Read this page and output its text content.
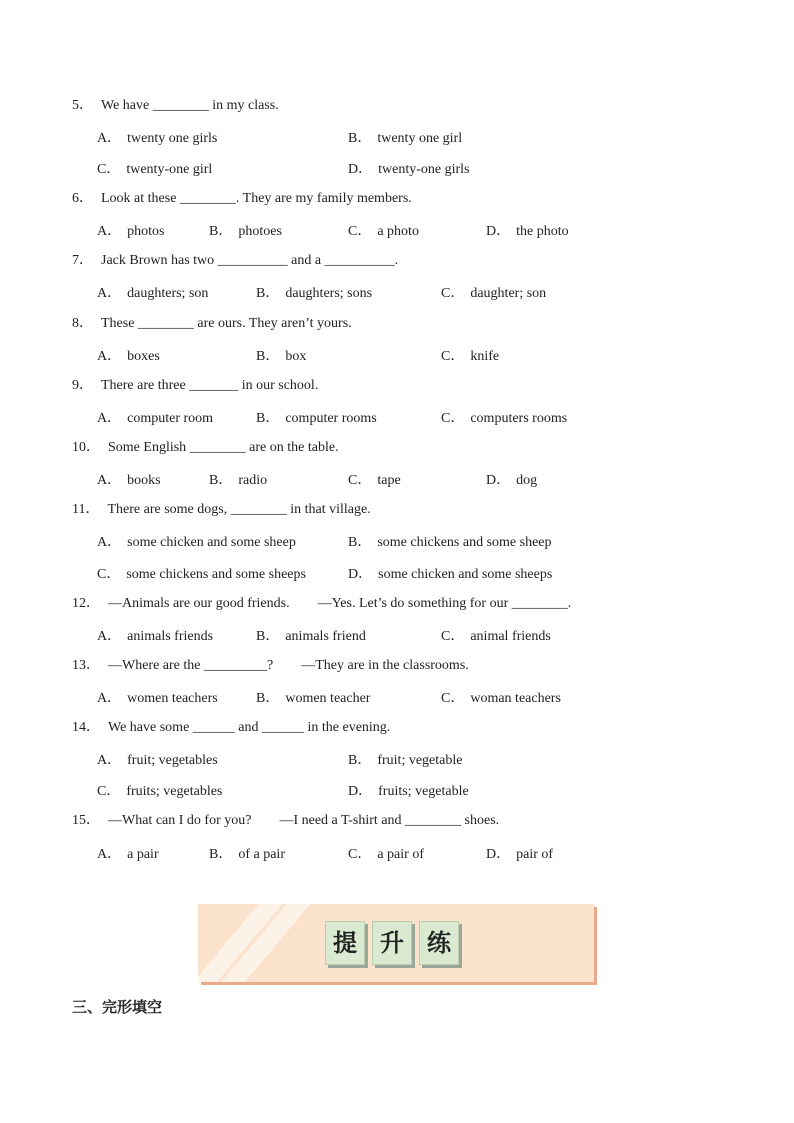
5． We have ________ in my class.
A． twenty one girls	B． twenty one girl
C． twenty-one girl	D． twenty-one girls
6． Look at these ________. They are my family members.
A． photos	B． photoes	C． a photo	D． the photo
7． Jack Brown has two __________ and a __________.
A． daughters; son	B． daughters; sons	C． daughter; son
8． These ________ are ours. They aren’t yours.
A． boxes	B． box	C． knife
9． There are three _______ in our school.
A． computer room	B． computer rooms	C． computers rooms
10． Some English ________ are on the table.
A． books	B． radio	C． tape	D． dog
11． There are some dogs, ________ in that village.
A． some chicken and some sheep	B． some chickens and some sheep
C． some chickens and some sheeps	D． some chicken and some sheeps
12． —Animals are our good friends.        —Yes. Let’s do something for our ________.
A． animals friends	B． animals friend	C． animal friends
13． —Where are the _________?        —They are in the classrooms.
A． women teachers	B． women teacher	C． woman teachers
14． We have some ______ and ______ in the evening.
A． fruit; vegetables	B． fruit; vegetable
C． fruits; vegetables	D． fruits; vegetable
15． —What can I do for you?        —I need a T-shirt and ________ shoes.
A． a pair	B． of a pair	C． a pair of	D． pair of
提 升 练
三、完形填空
